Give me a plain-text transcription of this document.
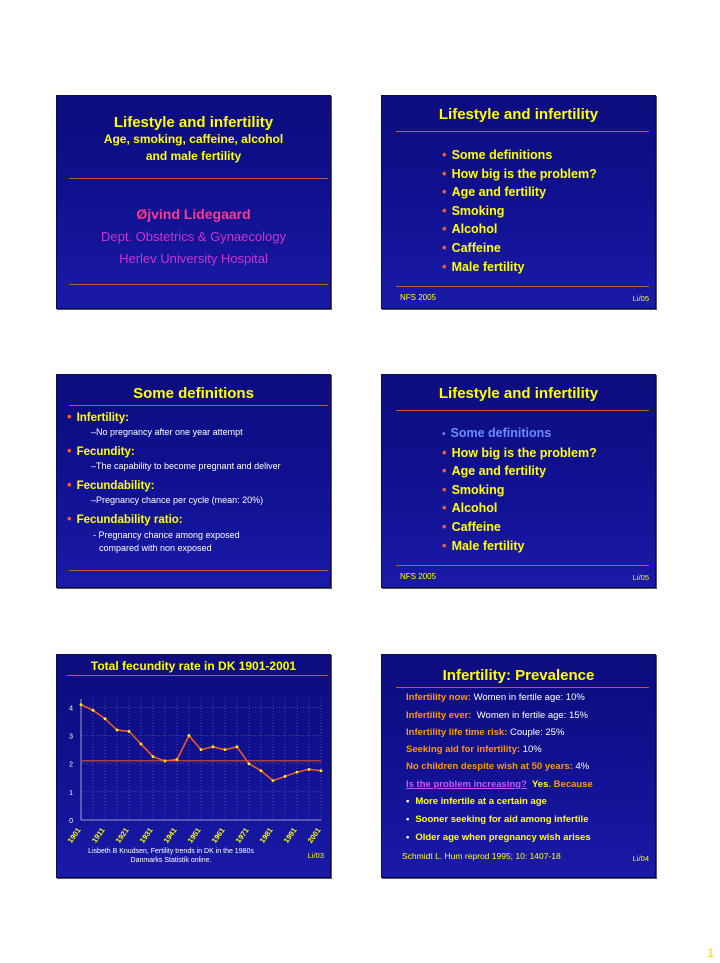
Lifestyle and infertility
Age, smoking, caffeine, alcohol
and male fertility
Øjvind Lidegaard
Dept. Obstetrics & Gynaecology
Herlev University Hospital
Lifestyle and infertility
• Some definitions
• How big is the problem?
• Age and fertility
• Smoking
• Alcohol
• Caffeine
• Male fertility
NFS 2005	Li/05
Some definitions
• Infertility:
–No pregnancy after one year attempt
• Fecundity:
–The capability to become pregnant and deliver
• Fecundability:
–Pregnancy chance per cycle (mean: 20%)
• Fecundability ratio:
- Pregnancy chance among exposed
compared with non exposed
Lifestyle and infertility
• Some definitions
• How big is the problem?
• Age and fertility
• Smoking
• Alcohol
• Caffeine
• Male fertility
NFS 2005	Li/05
Total fecundity rate in DK 1901-2001
0
1
2
3
4
1901 1911 1921 1931 1941 1951 1961 1971 1981 1991 2001
Lisbeth B Knudsen, Fertility trends in DK in the 1980s
Danmarks Statistik online.
Li/03
Infertility: Prevalence
Infertility now: Women in fertile age: 10%
Infertility ever: Women in fertile age: 15%
Infertility life time risk: Couple: 25%
Seeking aid for infertility: 10%
No children despite wish at 50 years: 4%
Is the problem increasing? Yes. Because
• More infertile at a certain age
• Sooner seeking for aid among infertile
• Older age when pregnancy wish arises
Schmidt L. Hum reprod 1995; 10: 1407-18	Li/04
1
